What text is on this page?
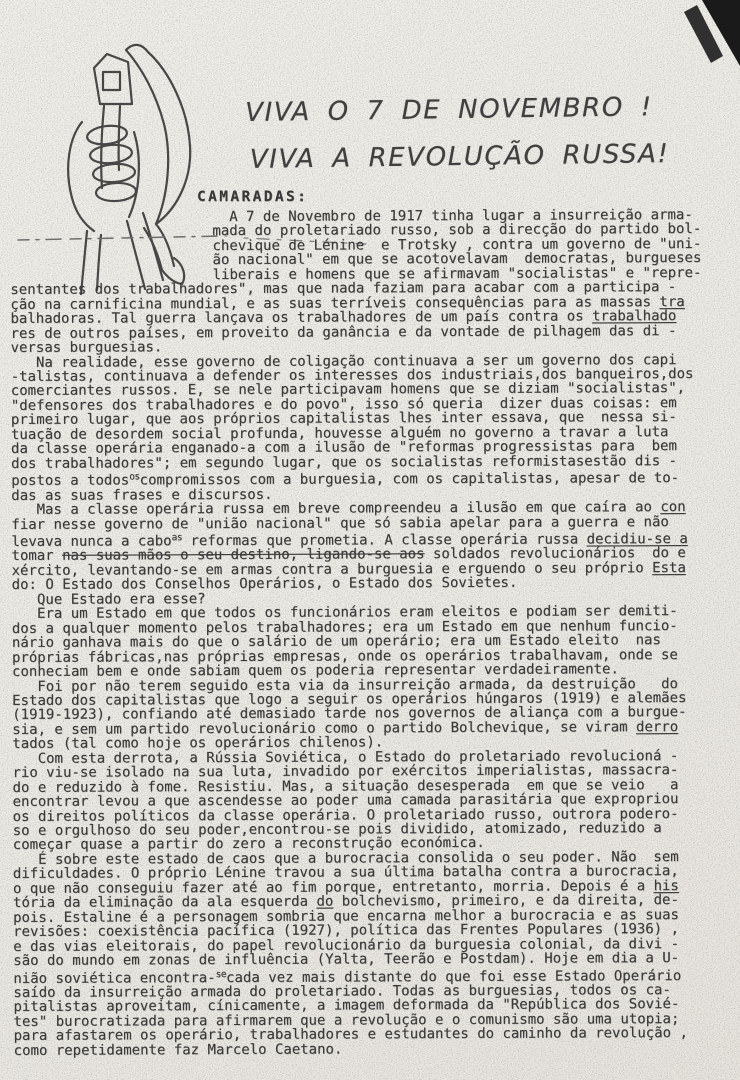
VIVA O 7 DE NOVEMBRO !
VIVA A REVOLUÇÃO RUSSA!
CAMARADAS:
A 7 de Novembro de 1917 tinha lugar a insurreição arma-
mada do proletariado russo, sob a direcção do partido bol-
chevique de Lénine  e Trotsky , contra um governo de "uni-
ão nacional" em que se acotovelavam  democratas, burgueses
liberais e homens que se afirmavam "socialistas" e "repre-
sentantes dos trabalhadores", mas que nada faziam para acabar com a participa -
ção na carnificina mundial, e as suas terríveis consequências para as massas tra
balhadoras. Tal guerra lançava os trabalhadores de um país contra os trabalhado
res de outros países, em proveito da ganância e da vontade de pilhagem das di -
versas burguesias.
Na realidade, esse governo de coligação continuava a ser um governo dos capi
-talistas, continuava a defender os interesses dos industriais,dos banqueiros,dos
comerciantes russos. E, se nele participavam homens que se diziam "socialistas",
"defensores dos trabalhadores e do povo", isso só queria  dizer duas coisas: em
primeiro lugar, que aos próprios capitalistas lhes inter essava, que  nessa si-
tuação de desordem social profunda, houvesse alguém no governo a travar a luta
da classe operária enganado-a com a ilusão de "reformas progressistas para  bem
dos trabalhadores"; em segundo lugar, que os socialistas reformistasestão dis -
postos a todos$^{os}$compromissos com a burguesia, com os capitalistas, apesar de to-
das as suas frases e discursos.
Mas a classe operária russa em breve compreendeu a ilusão em que caíra ao con
fiar nesse governo de "união nacional" que só sabia apelar para a guerra e não
levava nunca a cabo$^{as}$ reformas que prometia. A classe operária russa decidiu-se a
tomar nas suas mãos o seu destino, ligando-se aos soldados revolucionários  do e
xército, levantando-se em armas contra a burguesia e erguendo o seu próprio Esta
do: O Estado dos Conselhos Operários, o Estado dos Sovietes.
Que Estado era esse?
Era um Estado em que todos os funcionários eram eleitos e podiam ser demiti-
dos a qualquer momento pelos trabalhadores; era um Estado em que nenhum funcio-
nário ganhava mais do que o salário de um operário; era um Estado eleito  nas
próprias fábricas,nas próprias empresas, onde os operários trabalhavam, onde se
conheciam bem e onde sabiam quem os poderia representar verdadeiramente.
Foi por não terem seguido esta via da insurreição armada, da destruição   do
Estado dos capitalistas que logo a seguir os operários húngaros (1919) e alemães
(1919-1923), confiando até demasiado tarde nos governos de aliança com a burgue-
sia, e sem um partido revolucionário como o partido Bolchevique, se viram derro
tados (tal como hoje os operários chilenos).
Com esta derrota, a Rússia Soviética, o Estado do proletariado revolucioná -
rio viu-se isolado na sua luta, invadido por exércitos imperialistas, massacra-
do e reduzido à fome. Resistiu. Mas, a situação desesperada  em que se veio   a
encontrar levou a que ascendesse ao poder uma camada parasitária que expropriou
os direitos políticos da classe operária. O proletariado russo, outrora podero-
so e orgulhoso do seu poder,encontrou-se pois dividido, atomizado, reduzido a
começar quase a partir do zero a reconstrução económica.
É sobre este estado de caos que a burocracia consolida o seu poder. Não  sem
dificuldades. O próprio Lénine travou a sua última batalha contra a burocracia,
o que não conseguiu fazer até ao fim porque, entretanto, morria. Depois é a his
tória da eliminação da ala esquerda do bolchevismo, primeiro, e da direita, de-
pois. Estaline é a personagem sombria que encarna melhor a burocracia e as suas
revisões: coexistência pacífica (1927), política das Frentes Populares (1936) ,
e das vias eleitorais, do papel revolucionário da burguesia colonial, da divi -
são do mundo em zonas de influência (Yalta, Teerão e Postdam). Hoje em dia a U-
nião soviética encontra-$^{se}$cada vez mais distante do que foi esse Estado Operário
saído da insurreição armada do proletariado. Todas as burguesias, todos os ca-
pitalistas aproveitam, cínicamente, a imagem deformada da "República dos Sovié-
tes" burocratizada para afirmarem que a revolução e o comunismo são uma utopia;
para afastarem os operário, trabalhadores e estudantes do caminho da revolução ,
como repetidamente faz Marcelo Caetano.
